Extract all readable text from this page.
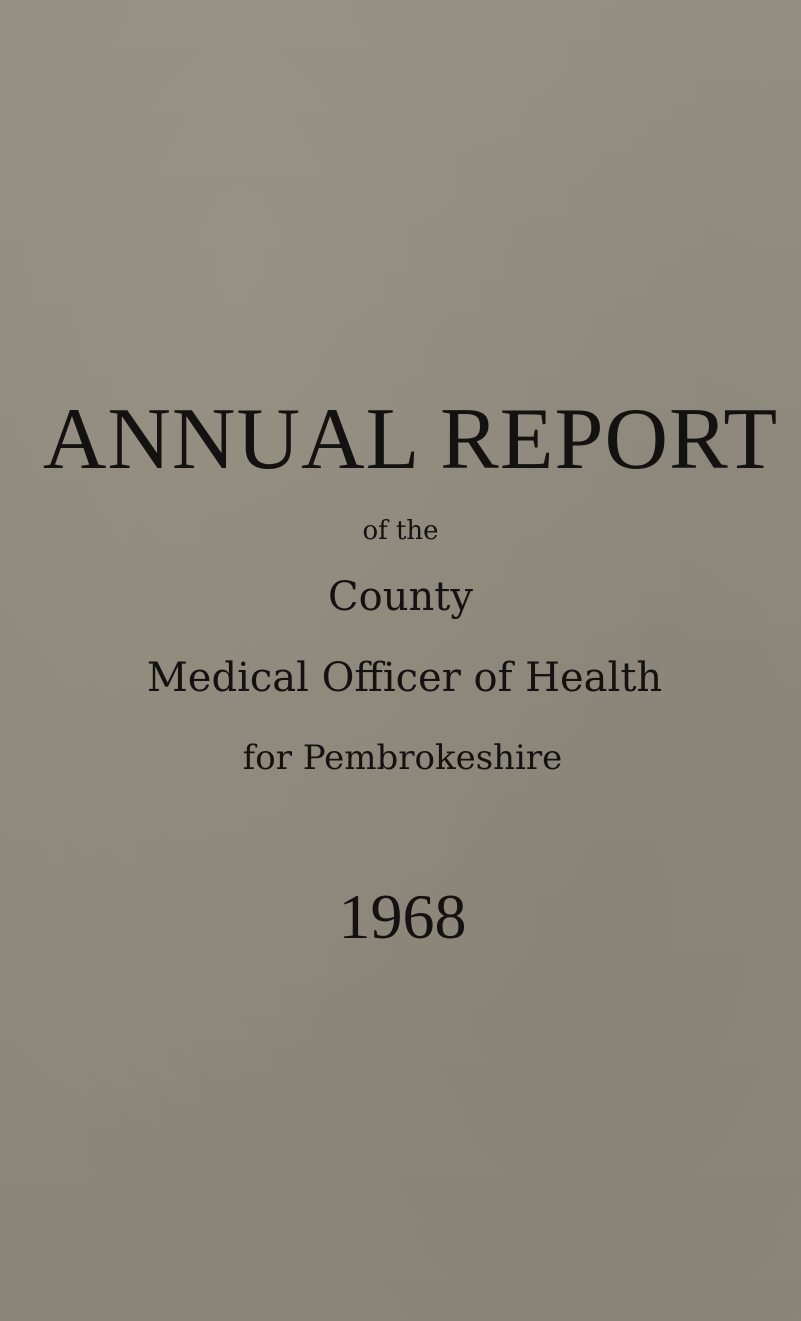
ANNUAL REPORT
of the
County
Medical Officer of Health
for Pembrokeshire
1968
